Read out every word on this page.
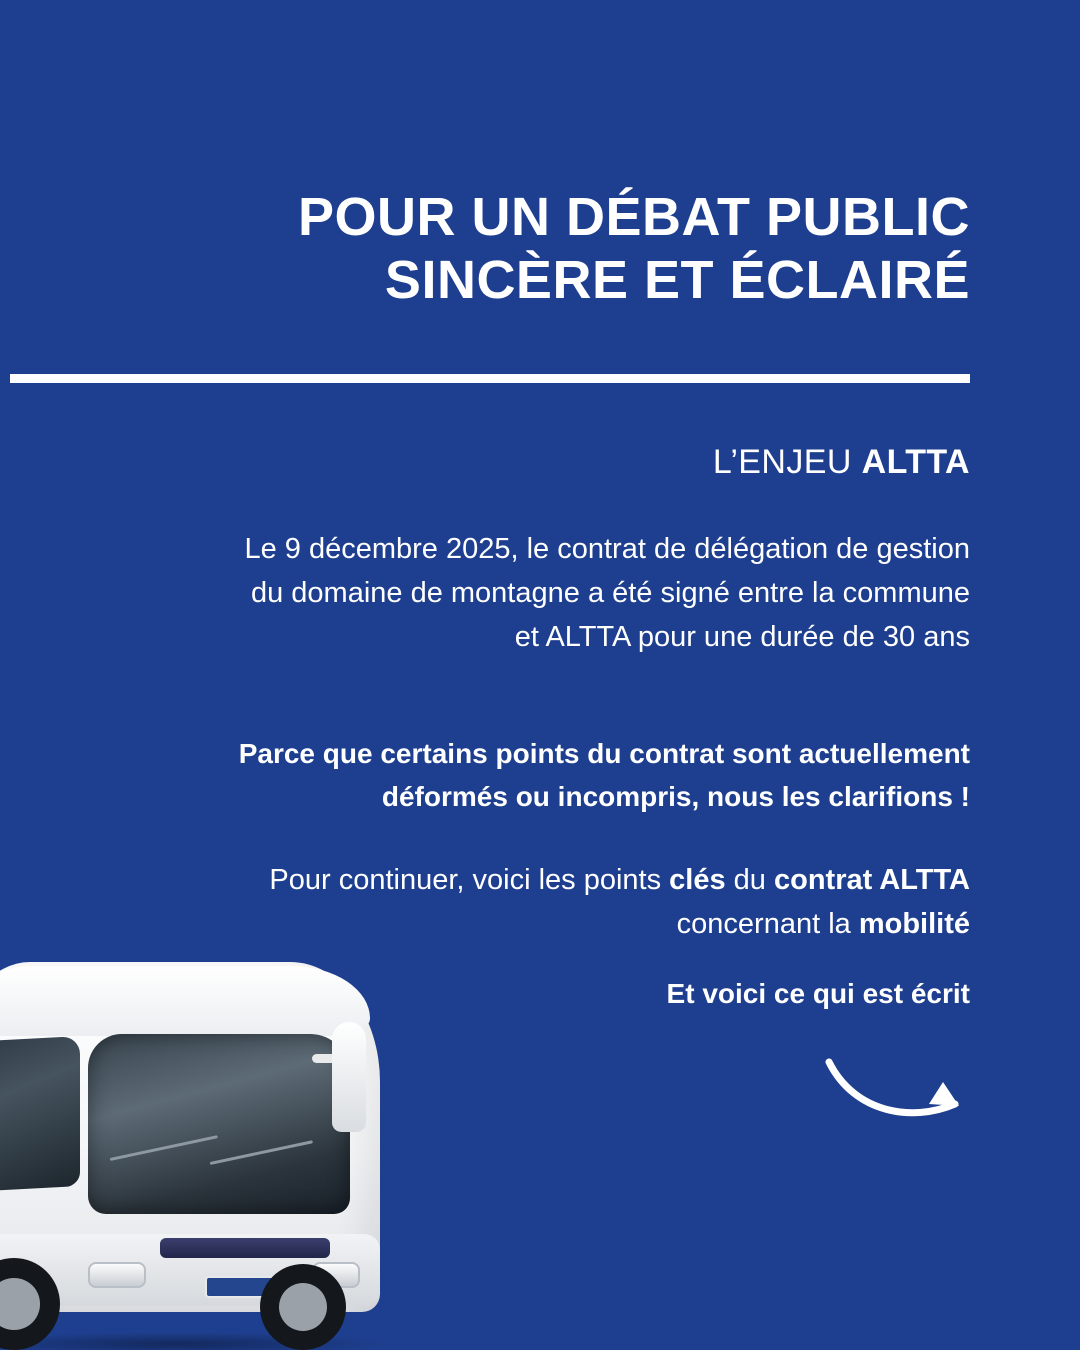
POUR UN DÉBAT PUBLIC
SINCÈRE ET ÉCLAIRÉ
L’ENJEU ALTTA
Le 9 décembre 2025, le contrat de délégation de gestion
du domaine de montagne a été signé entre la commune
et ALTTA pour une durée de 30 ans
Parce que certains points du contrat sont actuellement
déformés ou incompris, nous les clarifions !
Pour continuer, voici les points clés du contrat ALTTA
concernant la mobilité
Et voici ce qui est écrit
